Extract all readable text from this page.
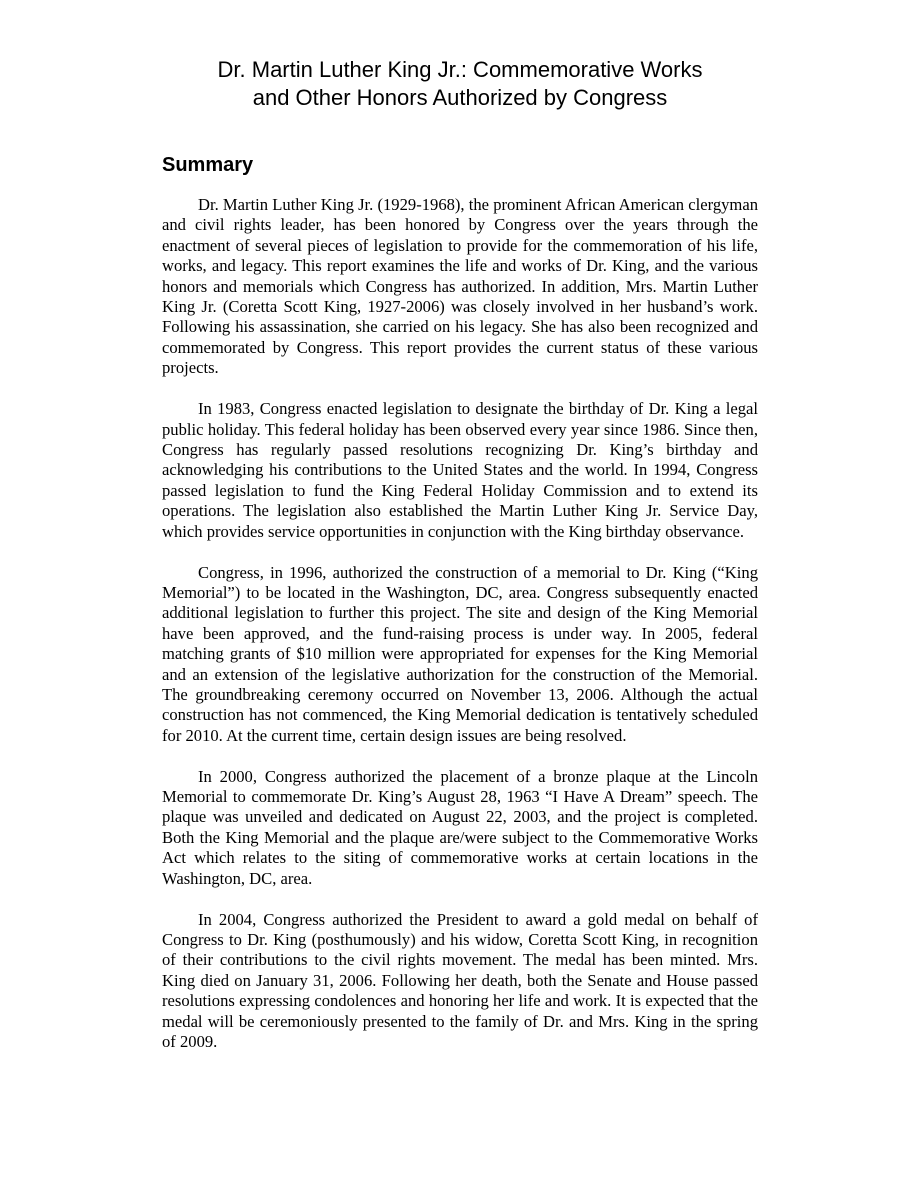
Dr. Martin Luther King Jr.: Commemorative Works
and Other Honors Authorized by Congress
Summary

Dr. Martin Luther King Jr. (1929-1968), the prominent African American clergyman and civil rights leader, has been honored by Congress over the years through the enactment of several pieces of legislation to provide for the commemoration of his life, works, and legacy. This report examines the life and works of Dr. King, and the various honors and memorials which Congress has authorized. In addition, Mrs. Martin Luther King Jr. (Coretta Scott King, 1927-2006) was closely involved in her husband’s work. Following his assassination, she carried on his legacy. She has also been recognized and commemorated by Congress. This report provides the current status of these various projects.

In 1983, Congress enacted legislation to designate the birthday of Dr. King a legal public holiday. This federal holiday has been observed every year since 1986. Since then, Congress has regularly passed resolutions recognizing Dr. King’s birthday and acknowledging his contributions to the United States and the world. In 1994, Congress passed legislation to fund the King Federal Holiday Commission and to extend its operations. The legislation also established the Martin Luther King Jr. Service Day, which provides service opportunities in conjunction with the King birthday observance.

Congress, in 1996, authorized the construction of a memorial to Dr. King (“King Memorial”) to be located in the Washington, DC, area. Congress subsequently enacted additional legislation to further this project. The site and design of the King Memorial have been approved, and the fund-raising process is under way. In 2005, federal matching grants of $10 million were appropriated for expenses for the King Memorial and an extension of the legislative authorization for the construction of the Memorial. The groundbreaking ceremony occurred on November 13, 2006. Although the actual construction has not commenced, the King Memorial dedication is tentatively scheduled for 2010. At the current time, certain design issues are being resolved.

In 2000, Congress authorized the placement of a bronze plaque at the Lincoln Memorial to commemorate Dr. King’s August 28, 1963 “I Have A Dream” speech. The plaque was unveiled and dedicated on August 22, 2003, and the project is completed. Both the King Memorial and the plaque are/were subject to the Commemorative Works Act which relates to the siting of commemorative works at certain locations in the Washington, DC, area.

In 2004, Congress authorized the President to award a gold medal on behalf of Congress to Dr. King (posthumously) and his widow, Coretta Scott King, in recognition of their contributions to the civil rights movement. The medal has been minted. Mrs. King died on January 31, 2006. Following her death, both the Senate and House passed resolutions expressing condolences and honoring her life and work. It is expected that the medal will be ceremoniously presented to the family of Dr. and Mrs. King in the spring of 2009.
